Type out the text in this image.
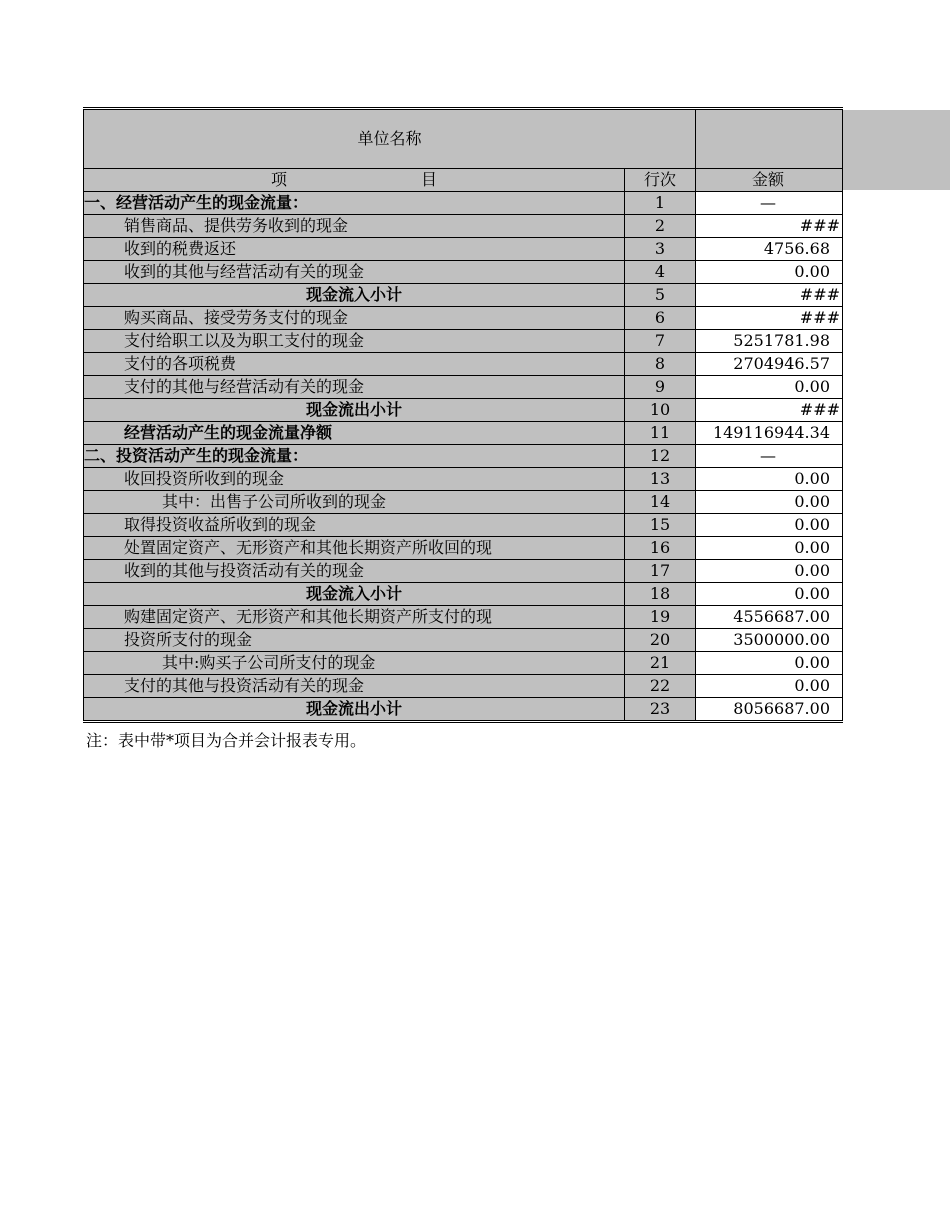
单位名称		
项 目	行次	金额
一、经营活动产生的现金流量：	1	—
销售商品、提供劳务收到的现金	2	###
收到的税费返还	3	4756.68
收到的其他与经营活动有关的现金	4	0.00
现金流入小计	5	###
购买商品、接受劳务支付的现金	6	###
支付给职工以及为职工支付的现金	7	5251781.98
支付的各项税费	8	2704946.57
支付的其他与经营活动有关的现金	9	0.00
现金流出小计	10	###
经营活动产生的现金流量净额	11	149116944.34
二、投资活动产生的现金流量：	12	—
收回投资所收到的现金	13	0.00
其中：出售子公司所收到的现金	14	0.00
取得投资收益所收到的现金	15	0.00
处置固定资产、无形资产和其他长期资产所收回的现	16	0.00
收到的其他与投资活动有关的现金	17	0.00
现金流入小计	18	0.00
购建固定资产、无形资产和其他长期资产所支付的现	19	4556687.00
投资所支付的现金	20	3500000.00
其中:购买子公司所支付的现金	21	0.00
支付的其他与投资活动有关的现金	22	0.00
现金流出小计	23	8056687.00
注：表中带*项目为合并会计报表专用。
